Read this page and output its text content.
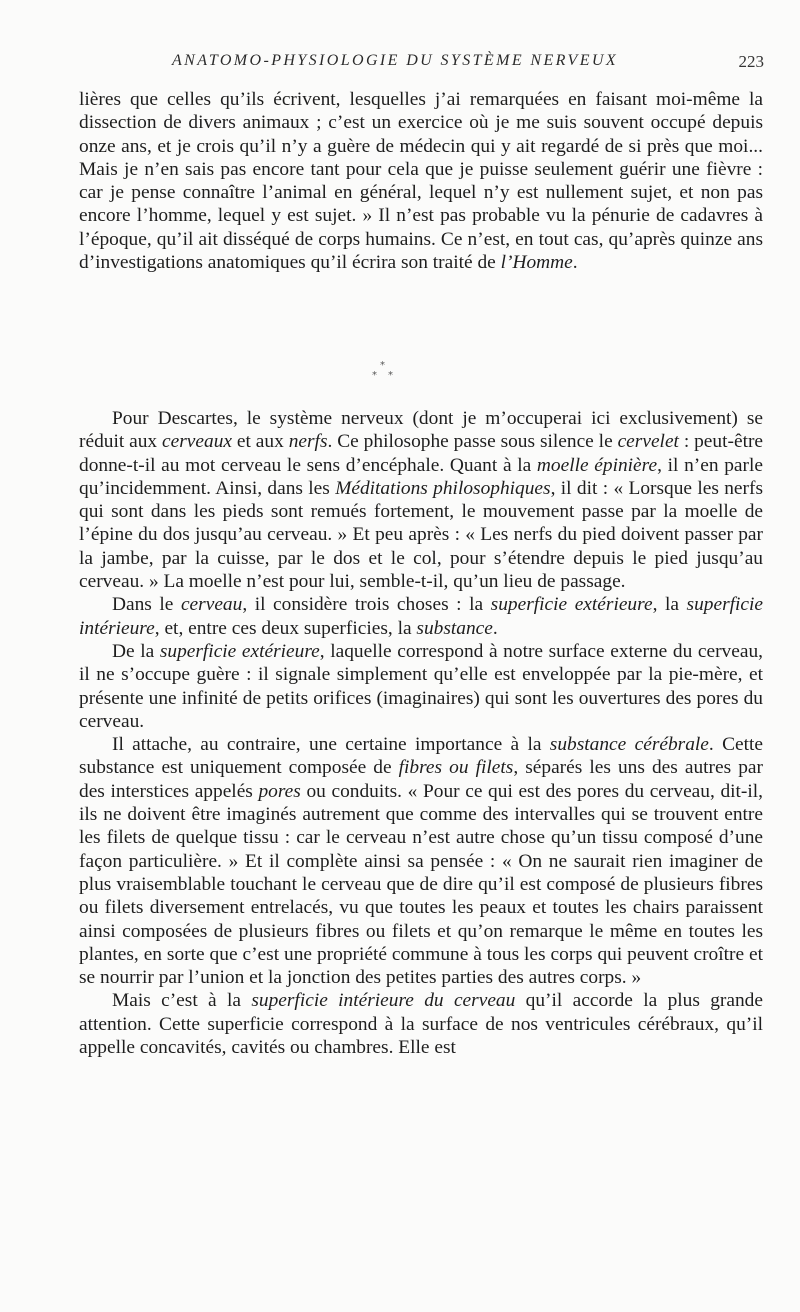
ANATOMO-PHYSIOLOGIE DU SYSTÈME NERVEUX	223

lières que celles qu’ils écrivent, lesquelles j’ai remarquées en faisant moi-même la dissection de divers animaux ; c’est un exercice où je me suis souvent occupé depuis onze ans, et je crois qu’il n’y a guère de médecin qui y ait regardé de si près que moi... Mais je n’en sais pas encore tant pour cela que je puisse seulement guérir une fièvre : car je pense connaître l’animal en général, lequel n’y est nullement sujet, et non pas encore l’homme, lequel y est sujet. » Il n’est pas probable vu la pénurie de cadavres à l’époque, qu’il ait disséqué de corps humains. Ce n’est, en tout cas, qu’après quinze ans d’investigations anatomiques qu’il écrira son traité de l’Homme.

*
* *

Pour Descartes, le système nerveux (dont je m’occuperai ici exclusivement) se réduit aux cerveaux et aux nerfs. Ce philosophe passe sous silence le cervelet : peut-être donne-t-il au mot cerveau le sens d’encéphale. Quant à la moelle épinière, il n’en parle qu’incidemment. Ainsi, dans les Méditations philosophiques, il dit : « Lorsque les nerfs qui sont dans les pieds sont remués fortement, le mouvement passe par la moelle de l’épine du dos jusqu’au cerveau. » Et peu après : « Les nerfs du pied doivent passer par la jambe, par la cuisse, par le dos et le col, pour s’étendre depuis le pied jusqu’au cerveau. » La moelle n’est pour lui, semble-t-il, qu’un lieu de passage.

Dans le cerveau, il considère trois choses : la superficie extérieure, la superficie intérieure, et, entre ces deux superficies, la substance.

De la superficie extérieure, laquelle correspond à notre surface externe du cerveau, il ne s’occupe guère : il signale simplement qu’elle est enveloppée par la pie-mère, et présente une infinité de petits orifices (imaginaires) qui sont les ouvertures des pores du cerveau.

Il attache, au contraire, une certaine importance à la substance cérébrale. Cette substance est uniquement composée de fibres ou filets, séparés les uns des autres par des interstices appelés pores ou conduits. « Pour ce qui est des pores du cerveau, dit-il, ils ne doivent être imaginés autrement que comme des intervalles qui se trouvent entre les filets de quelque tissu : car le cerveau n’est autre chose qu’un tissu composé d’une façon particulière. » Et il complète ainsi sa pensée : « On ne saurait rien imaginer de plus vraisemblable touchant le cerveau que de dire qu’il est composé de plusieurs fibres ou filets diversement entrelacés, vu que toutes les peaux et toutes les chairs paraissent ainsi composées de plusieurs fibres ou filets et qu’on remarque le même en toutes les plantes, en sorte que c’est une propriété commune à tous les corps qui peuvent croître et se nourrir par l’union et la jonction des petites parties des autres corps. »

Mais c’est à la superficie intérieure du cerveau qu’il accorde la plus grande attention. Cette superficie correspond à la surface de nos ventricules cérébraux, qu’il appelle concavités, cavités ou chambres. Elle est
